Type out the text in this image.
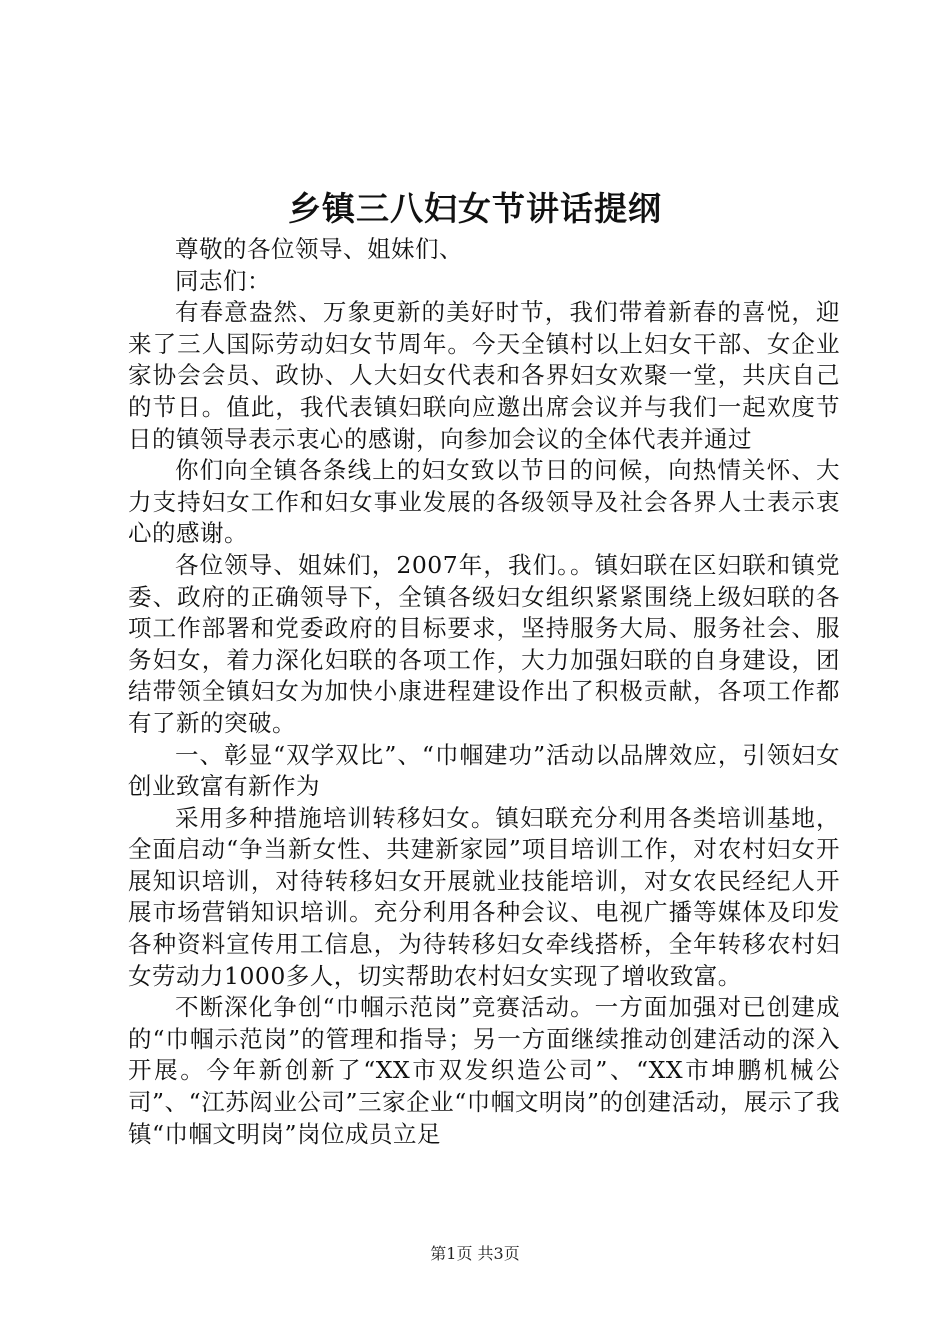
乡镇三八妇女节讲话提纲

尊敬的各位领导、姐妹们、

同志们：

有春意盎然、万象更新的美好时节，我们带着新春的喜悦，迎来了三人国际劳动妇女节周年。今天全镇村以上妇女干部、女企业家协会会员、政协、人大妇女代表和各界妇女欢聚一堂，共庆自己的节日。值此，我代表镇妇联向应邀出席会议并与我们一起欢度节日的镇领导表示衷心的感谢，向参加会议的全体代表并通过

你们向全镇各条线上的妇女致以节日的问候，向热情关怀、大力支持妇女工作和妇女事业发展的各级领导及社会各界人士表示衷心的感谢。

各位领导、姐妹们，2007年，我们。。镇妇联在区妇联和镇党委、政府的正确领导下，全镇各级妇女组织紧紧围绕上级妇联的各项工作部署和党委政府的目标要求，坚持服务大局、服务社会、服务妇女，着力深化妇联的各项工作，大力加强妇联的自身建设，团结带领全镇妇女为加快小康进程建设作出了积极贡献，各项工作都有了新的突破。

一、彰显“双学双比”、“巾帼建功”活动以品牌效应，引领妇女创业致富有新作为

采用多种措施培训转移妇女。镇妇联充分利用各类培训基地，全面启动“争当新女性、共建新家园”项目培训工作，对农村妇女开展知识培训，对待转移妇女开展就业技能培训，对女农民经纪人开展市场营销知识培训。充分利用各种会议、电视广播等媒体及印发各种资料宣传用工信息，为待转移妇女牵线搭桥，全年转移农村妇女劳动力1000多人，切实帮助农村妇女实现了增收致富。

不断深化争创“巾帼示范岗”竞赛活动。一方面加强对已创建成的“巾帼示范岗”的管理和指导；另一方面继续推动创建活动的深入开展。今年新创新了“XX市双发织造公司”、“XX市坤鹏机械公司”、“江苏闳业公司”三家企业“巾帼文明岗”的创建活动，展示了我镇“巾帼文明岗”岗位成员立足

第1页 共3页
